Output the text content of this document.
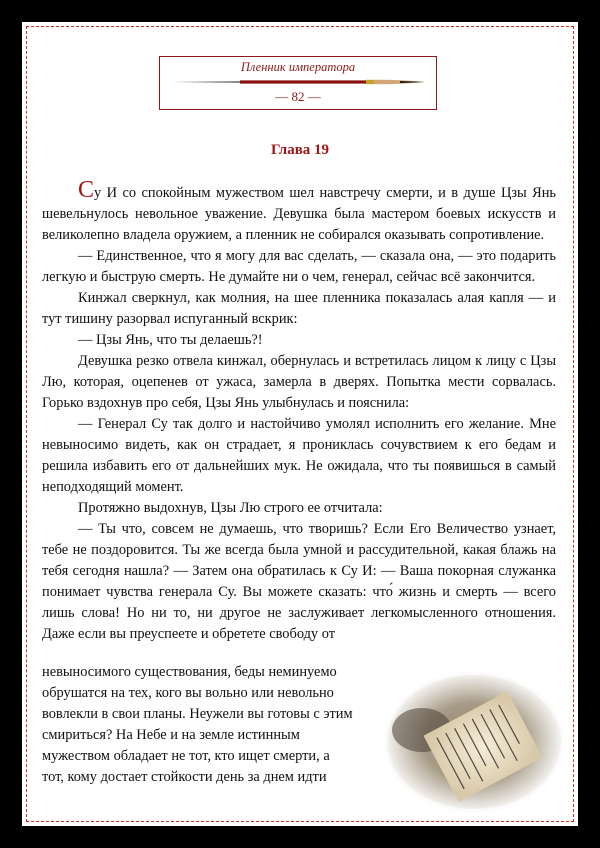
Пленник императора
— 82 —
Глава 19

Су И со спокойным мужеством шел навстречу смерти, и в душе Цзы Янь шевельнулось невольное уважение. Девушка была мастером боевых искусств и великолепно владела оружием, а пленник не собирался оказывать сопротивление.

— Единственное, что я могу для вас сделать, — сказала она, — это подарить легкую и быструю смерть. Не думайте ни о чем, генерал, сейчас всё закончится.

Кинжал сверкнул, как молния, на шее пленника показалась алая капля — и тут тишину разорвал испуганный вскрик:

— Цзы Янь, что ты делаешь?!

Девушка резко отвела кинжал, обернулась и встретилась лицом к лицу с Цзы Лю, которая, оцепенев от ужаса, замерла в дверях. Попытка мести сорвалась. Горько вздохнув про себя, Цзы Янь улыбнулась и пояснила:

— Генерал Су так долго и настойчиво умолял исполнить его желание. Мне невыносимо видеть, как он страдает, я прониклась сочувствием к его бедам и решила избавить его от дальнейших мук. Не ожидала, что ты появишься в самый неподходящий момент.

Протяжно выдохнув, Цзы Лю строго ее отчитала:

— Ты что, совсем не думаешь, что творишь? Если Его Величество узнает, тебе не поздоровится. Ты же всегда была умной и рассудительной, какая блажь на тебя сегодня нашла? — Затем она обратилась к Су И: — Ваша покорная служанка понимает чувства генерала Су. Вы можете сказать: что́ жизнь и смерть — всего лишь слова! Но ни то, ни другое не заслуживает легкомысленного отношения. Даже если вы преуспеете и обретете свободу от

невыносимого существования, беды неминуемо

обрушатся на тех, кого вы вольно или невольно

вовлекли в свои планы. Неужели вы готовы с этим

смириться? На Небе и на земле истинным

мужеством обладает не тот, кто ищет смерти, а

тот, кому достает стойкости день за днем идти
